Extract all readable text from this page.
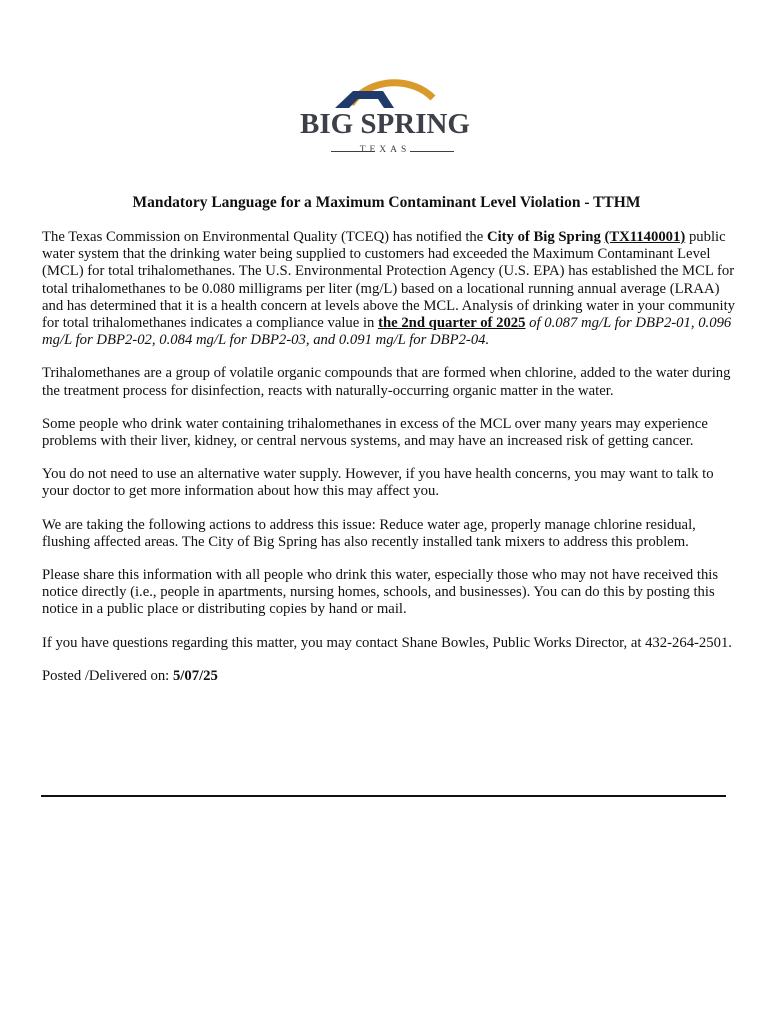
BIG SPRING
TEXAS
Mandatory Language for a Maximum Contaminant Level Violation - TTHM

The Texas Commission on Environmental Quality (TCEQ) has notified the City of Big Spring (TX1140001) public water system that the drinking water being supplied to customers had exceeded the Maximum Contaminant Level (MCL) for total trihalomethanes. The U.S. Environmental Protection Agency (U.S. EPA) has established the MCL for total trihalomethanes to be 0.080 milligrams per liter (mg/L) based on a locational running annual average (LRAA) and has determined that it is a health concern at levels above the MCL. Analysis of drinking water in your community for total trihalomethanes indicates a compliance value in the 2nd quarter of 2025 of 0.087 mg/L for DBP2-01, 0.096 mg/L for DBP2-02, 0.084 mg/L for DBP2-03, and 0.091 mg/L for DBP2-04.

Trihalomethanes are a group of volatile organic compounds that are formed when chlorine, added to the water during the treatment process for disinfection, reacts with naturally-occurring organic matter in the water.

Some people who drink water containing trihalomethanes in excess of the MCL over many years may experience problems with their liver, kidney, or central nervous systems, and may have an increased risk of getting cancer.

You do not need to use an alternative water supply. However, if you have health concerns, you may want to talk to your doctor to get more information about how this may affect you.

We are taking the following actions to address this issue: Reduce water age, properly manage chlorine residual, flushing affected areas. The City of Big Spring has also recently installed tank mixers to address this problem.

Please share this information with all people who drink this water, especially those who may not have received this notice directly (i.e., people in apartments, nursing homes, schools, and businesses). You can do this by posting this notice in a public place or distributing copies by hand or mail.

If you have questions regarding this matter, you may contact Shane Bowles, Public Works Director, at 432-264-2501.

Posted /Delivered on: 5/07/25
